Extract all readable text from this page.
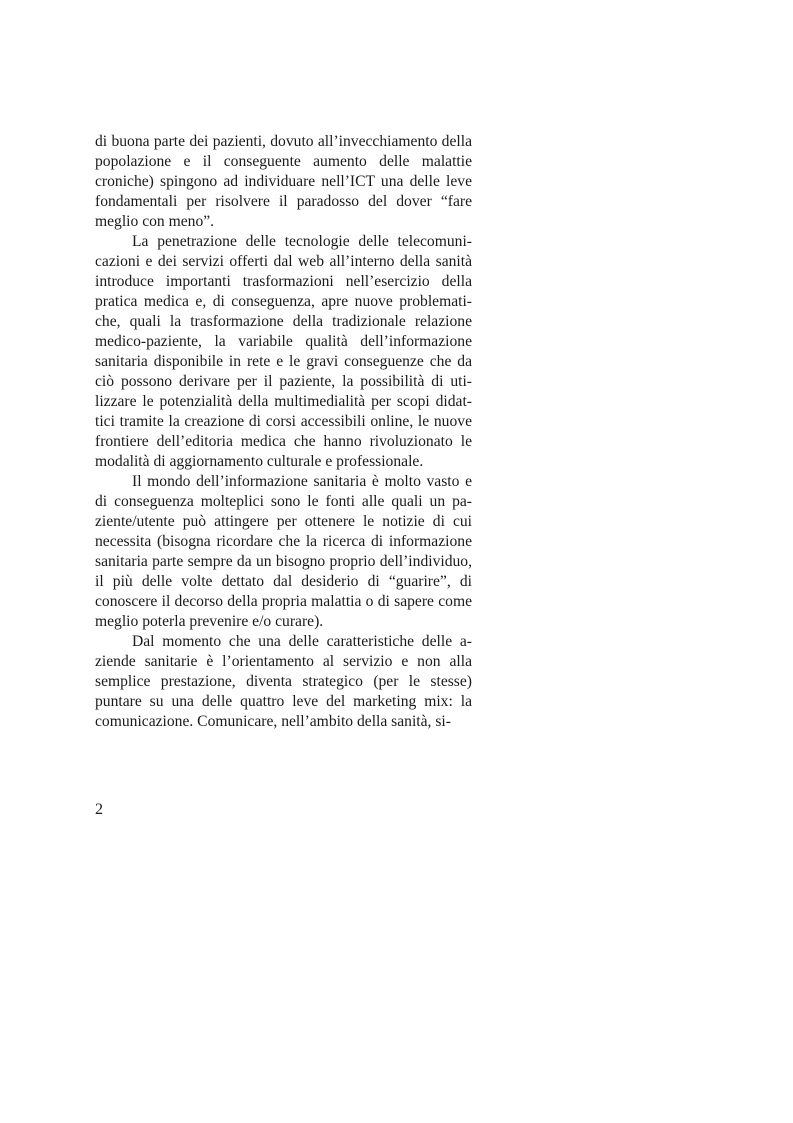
di buona parte dei pazienti, dovuto all’invecchiamento della popolazione e il conseguente aumento delle malattie croniche) spingono ad individuare nell’ICT una delle leve fondamentali per risolvere il paradosso del dover “fare meglio con meno”.

La penetrazione delle tecnologie delle telecomunicazioni e dei servizi offerti dal web all’interno della sanità introduce importanti trasformazioni nell’esercizio della pratica medica e, di conseguenza, apre nuove problematiche, quali la trasformazione della tradizionale relazione medico-paziente, la variabile qualità dell’informazione sanitaria disponibile in rete e le gravi conseguenze che da ciò possono derivare per il paziente, la possibilità di utilizzare le potenzialità della multimedialità per scopi didattici tramite la creazione di corsi accessibili online, le nuove frontiere dell’editoria medica che hanno rivoluzionato le modalità di aggiornamento culturale e professionale.

Il mondo dell’informazione sanitaria è molto vasto e di conseguenza molteplici sono le fonti alle quali un paziente/utente può attingere per ottenere le notizie di cui necessita (bisogna ricordare che la ricerca di informazione sanitaria parte sempre da un bisogno proprio dell’individuo, il più delle volte dettato dal desiderio di “guarire”, di conoscere il decorso della propria malattia o di sapere come meglio poterla prevenire e/o curare).

Dal momento che una delle caratteristiche delle aziende sanitarie è l’orientamento al servizio e non alla semplice prestazione, diventa strategico (per le stesse) puntare su una delle quattro leve del marketing mix: la comunicazione. Comunicare, nell’ambito della sanità, si-

2
